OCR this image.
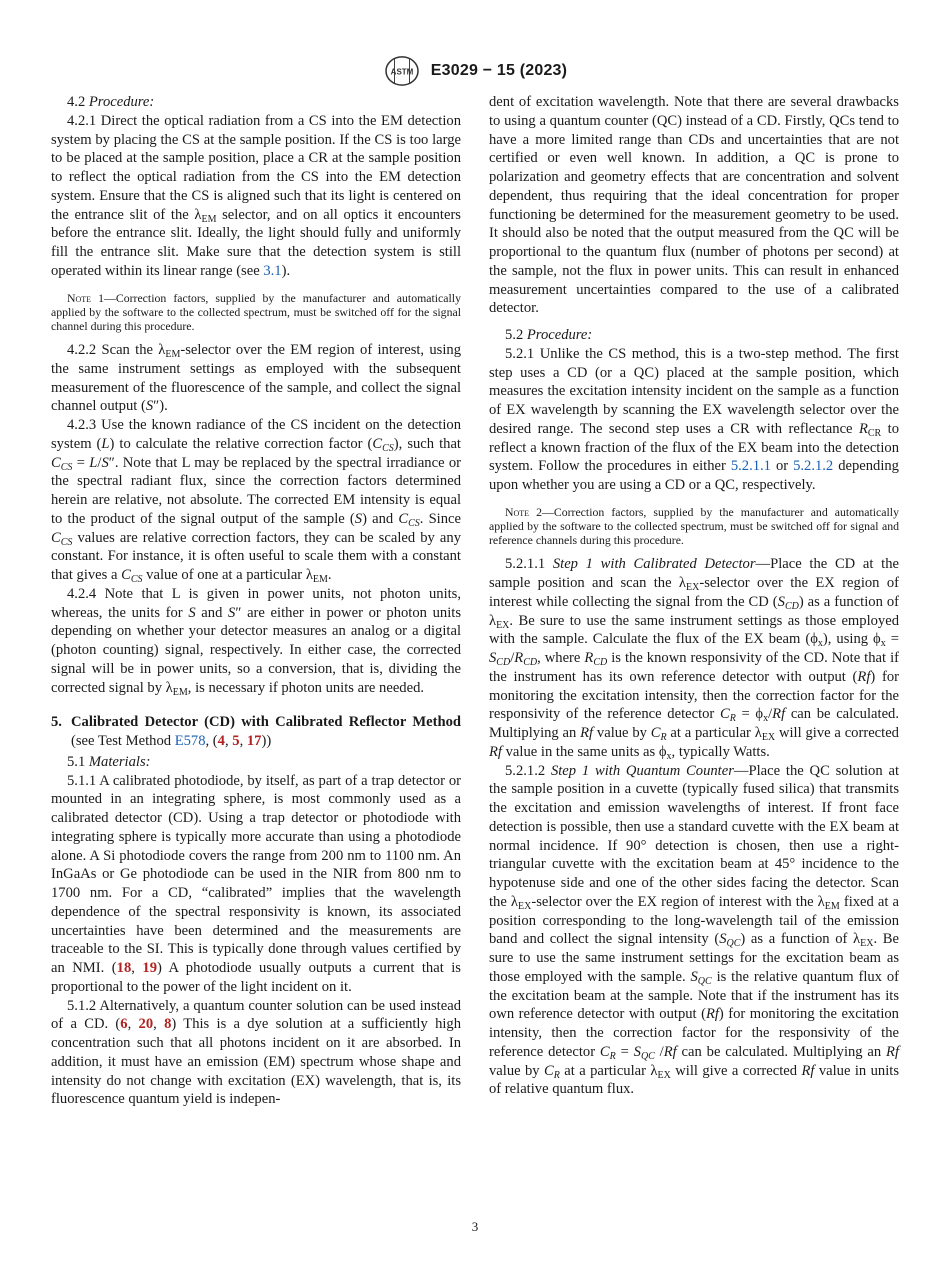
ASTM E3029 − 15 (2023)

4.2 Procedure:

4.2.1 Direct the optical radiation from a CS into the EM detection system by placing the CS at the sample position. If the CS is too large to be placed at the sample position, place a CR at the sample position to reflect the optical radiation from the CS into the EM detection system. Ensure that the CS is aligned such that its light is centered on the entrance slit of the $\lambda_{EM}$ selector, and on all optics it encounters before the entrance slit. Ideally, the light should fully and uniformly fill the entrance slit. Make sure that the detection system is still operated within its linear range (see 3.1).

Note 1—Correction factors, supplied by the manufacturer and automatically applied by the software to the collected spectrum, must be switched off for the signal channel during this procedure.

4.2.2 Scan the $\lambda_{EM}$-selector over the EM region of interest, using the same instrument settings as employed with the subsequent measurement of the fluorescence of the sample, and collect the signal channel output (S″).

4.2.3 Use the known radiance of the CS incident on the detection system (L) to calculate the relative correction factor $(C_{CS})$, such that $C_{CS} = L/S''$. Note that L may be replaced by the spectral irradiance or the spectral radiant flux, since the correction factors determined herein are relative, not absolute. The corrected EM intensity is equal to the product of the signal output of the sample (S) and $C_{CS}$. Since $C_{CS}$ values are relative correction factors, they can be scaled by any constant. For instance, it is often useful to scale them with a constant that gives a $C_{CS}$ value of one at a particular $\lambda_{EM}$.

4.2.4 Note that L is given in power units, not photon units, whereas, the units for S and S″ are either in power or photon units depending on whether your detector measures an analog or a digital (photon counting) signal, respectively. In either case, the corrected signal will be in power units, so a conversion, that is, dividing the corrected signal by $\lambda_{EM}$, is necessary if photon units are needed.

5. Calibrated Detector (CD) with Calibrated Reflector Method (see Test Method E578, (4, 5, 17))

5.1 Materials:

5.1.1 A calibrated photodiode, by itself, as part of a trap detector or mounted in an integrating sphere, is most commonly used as a calibrated detector (CD). Using a trap detector or photodiode with integrating sphere is typically more accurate than using a photodiode alone. A Si photodiode covers the range from 200 nm to 1100 nm. An InGaAs or Ge photodiode can be used in the NIR from 800 nm to 1700 nm. For a CD, “calibrated” implies that the wavelength dependence of the spectral responsivity is known, its associated uncertainties have been determined and the measurements are traceable to the SI. This is typically done through values certified by an NMI. (18, 19) A photodiode usually outputs a current that is proportional to the power of the light incident on it.

5.1.2 Alternatively, a quantum counter solution can be used instead of a CD. (6, 20, 8) This is a dye solution at a sufficiently high concentration such that all photons incident on it are absorbed. In addition, it must have an emission (EM) spectrum whose shape and intensity do not change with excitation (EX) wavelength, that is, its fluorescence quantum yield is indepen-

dent of excitation wavelength. Note that there are several drawbacks to using a quantum counter (QC) instead of a CD. Firstly, QCs tend to have a more limited range than CDs and uncertainties that are not certified or even well known. In addition, a QC is prone to polarization and geometry effects that are concentration and solvent dependent, thus requiring that the ideal concentration for proper functioning be determined for the measurement geometry to be used. It should also be noted that the output measured from the QC will be proportional to the quantum flux (number of photons per second) at the sample, not the flux in power units. This can result in enhanced measurement uncertainties compared to the use of a calibrated detector.

5.2 Procedure:

5.2.1 Unlike the CS method, this is a two-step method. The first step uses a CD (or a QC) placed at the sample position, which measures the excitation intensity incident on the sample as a function of EX wavelength by scanning the EX wavelength selector over the desired range. The second step uses a CR with reflectance $R_{CR}$ to reflect a known fraction of the flux of the EX beam into the detection system. Follow the procedures in either 5.2.1.1 or 5.2.1.2 depending upon whether you are using a CD or a QC, respectively.

Note 2—Correction factors, supplied by the manufacturer and automatically applied by the software to the collected spectrum, must be switched off for signal and reference channels during this procedure.

5.2.1.1 Step 1 with Calibrated Detector—Place the CD at the sample position and scan the $\lambda_{EX}$-selector over the EX region of interest while collecting the signal from the CD $(S_{CD})$ as a function of $\lambda_{EX}$. Be sure to use the same instrument settings as those employed with the sample. Calculate the flux of the EX beam $(\phi_x)$, using $\phi_x = S_{CD}/R_{CD}$, where $R_{CD}$ is the known responsivity of the CD. Note that if the instrument has its own reference detector with output (Rf) for monitoring the excitation intensity, then the correction factor for the responsivity of the reference detector $C_R = \phi_x/Rf$ can be calculated. Multiplying an Rf value by $C_R$ at a particular $\lambda_{EX}$ will give a corrected Rf value in the same units as $\phi_x$, typically Watts.

5.2.1.2 Step 1 with Quantum Counter—Place the QC solution at the sample position in a cuvette (typically fused silica) that transmits the excitation and emission wavelengths of interest. If front face detection is possible, then use a standard cuvette with the EX beam at normal incidence. If 90° detection is chosen, then use a right-triangular cuvette with the excitation beam at 45° incidence to the hypotenuse side and one of the other sides facing the detector. Scan the $\lambda_{EX}$-selector over the EX region of interest with the $\lambda_{EM}$ fixed at a position corresponding to the long-wavelength tail of the emission band and collect the signal intensity $(S_{QC})$ as a function of $\lambda_{EX}$. Be sure to use the same instrument settings for the excitation beam as those employed with the sample. $S_{QC}$ is the relative quantum flux of the excitation beam at the sample. Note that if the instrument has its own reference detector with output (Rf) for monitoring the excitation intensity, then the correction factor for the responsivity of the reference detector $C_R = S_{QC}$ /Rf can be calculated. Multiplying an Rf value by $C_R$ at a particular $\lambda_{EX}$ will give a corrected Rf value in units of relative quantum flux.

3
